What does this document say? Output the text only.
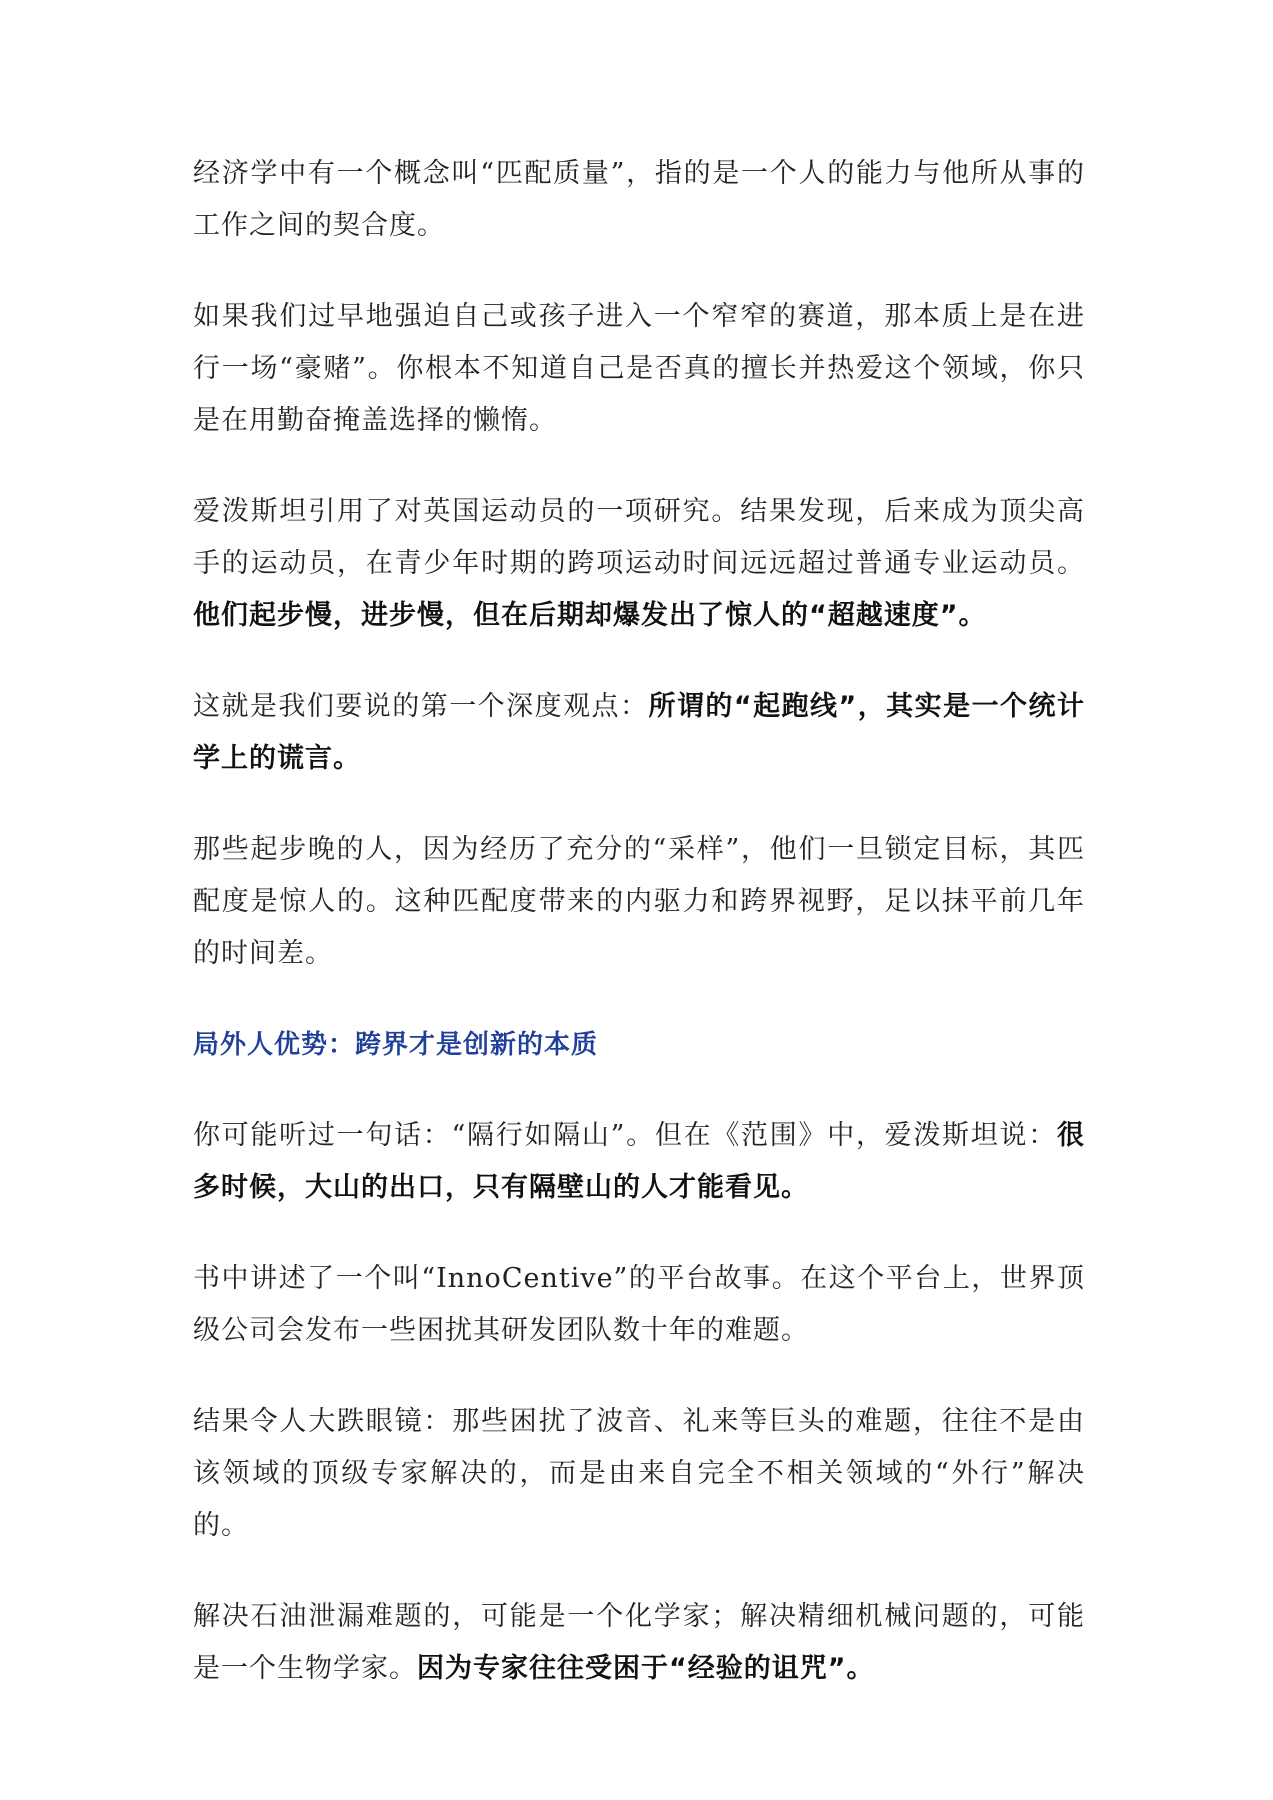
经济学中有一个概念叫“匹配质量”，指的是一个人的能力与他所从事的工作之间的契合度。

如果我们过早地强迫自己或孩子进入一个窄窄的赛道，那本质上是在进行一场“豪赌”。你根本不知道自己是否真的擅长并热爱这个领域，你只是在用勤奋掩盖选择的懒惰。

爱泼斯坦引用了对英国运动员的一项研究。结果发现，后来成为顶尖高手的运动员，在青少年时期的跨项运动时间远远超过普通专业运动员。他们起步慢，进步慢，但在后期却爆发出了惊人的“超越速度”。

这就是我们要说的第一个深度观点：所谓的“起跑线”，其实是一个统计学上的谎言。

那些起步晚的人，因为经历了充分的“采样”，他们一旦锁定目标，其匹配度是惊人的。这种匹配度带来的内驱力和跨界视野，足以抹平前几年的时间差。

局外人优势：跨界才是创新的本质

你可能听过一句话：“隔行如隔山”。但在《范围》中，爱泼斯坦说：很多时候，大山的出口，只有隔壁山的人才能看见。

书中讲述了一个叫“InnoCentive”的平台故事。在这个平台上，世界顶级公司会发布一些困扰其研发团队数十年的难题。

结果令人大跌眼镜：那些困扰了波音、礼来等巨头的难题，往往不是由该领域的顶级专家解决的，而是由来自完全不相关领域的“外行”解决的。

解决石油泄漏难题的，可能是一个化学家；解决精细机械问题的，可能是一个生物学家。因为专家往往受困于“经验的诅咒”。
